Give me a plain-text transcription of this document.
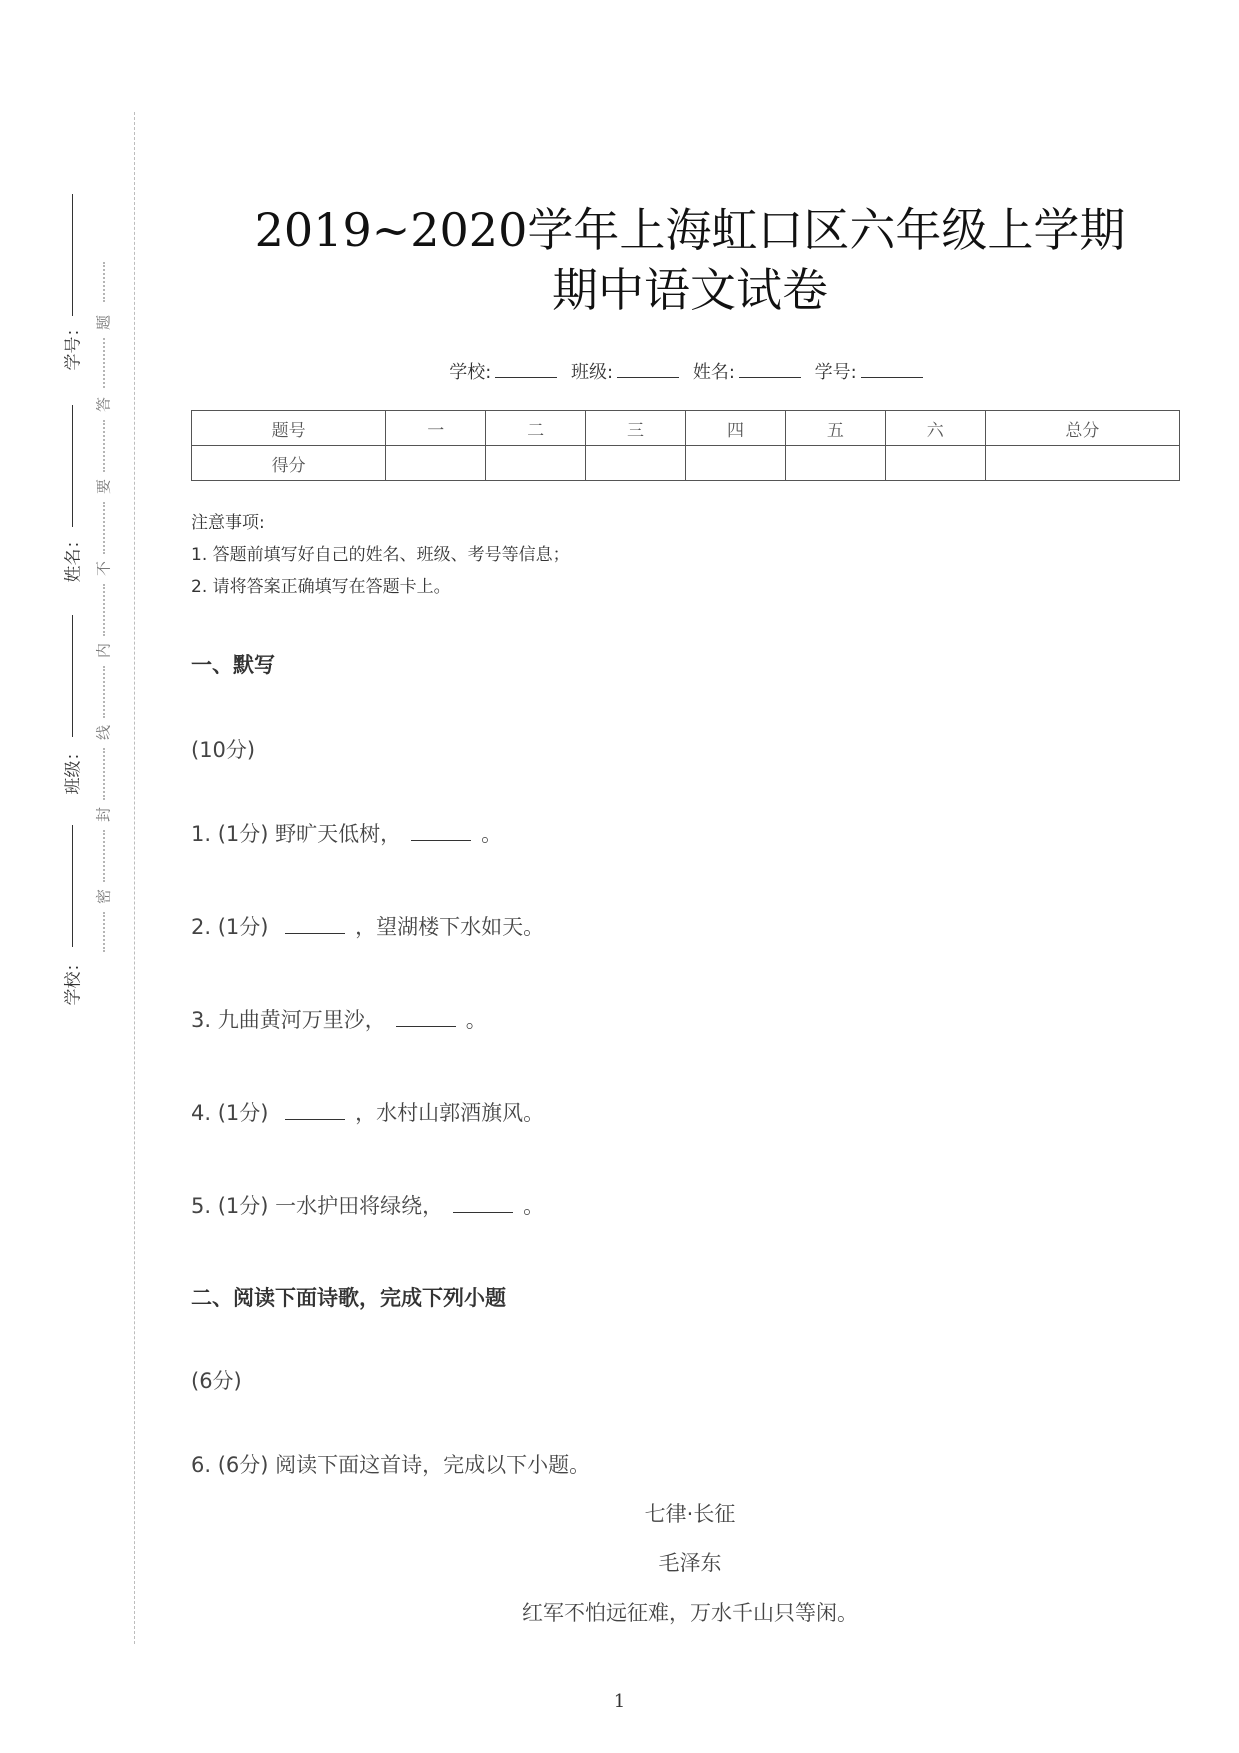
学号：
姓名：
班级：
学校：
题
答
要
不
内
线
封
密
2019~2020学年上海虹口区六年级上学期
期中语文试卷
学校:	班级:	姓名:	学号:
题号	一	二	三	四	五	六	总分
得分							
注意事项:
1. 答题前填写好自己的姓名、班级、考号等信息；
2. 请将答案正确填写在答题卡上。
一、默写
(10分)
1. (1分) 野旷天低树，	。
2. (1分)	，望湖楼下水如天。
3. 九曲黄河万里沙，	。
4. (1分)	，水村山郭酒旗风。
5. (1分) 一水护田将绿绕，	。
二、阅读下面诗歌，完成下列小题
(6分)
6. (6分) 阅读下面这首诗，完成以下小题。
七律·长征
毛泽东
红军不怕远征难，万水千山只等闲。
1
